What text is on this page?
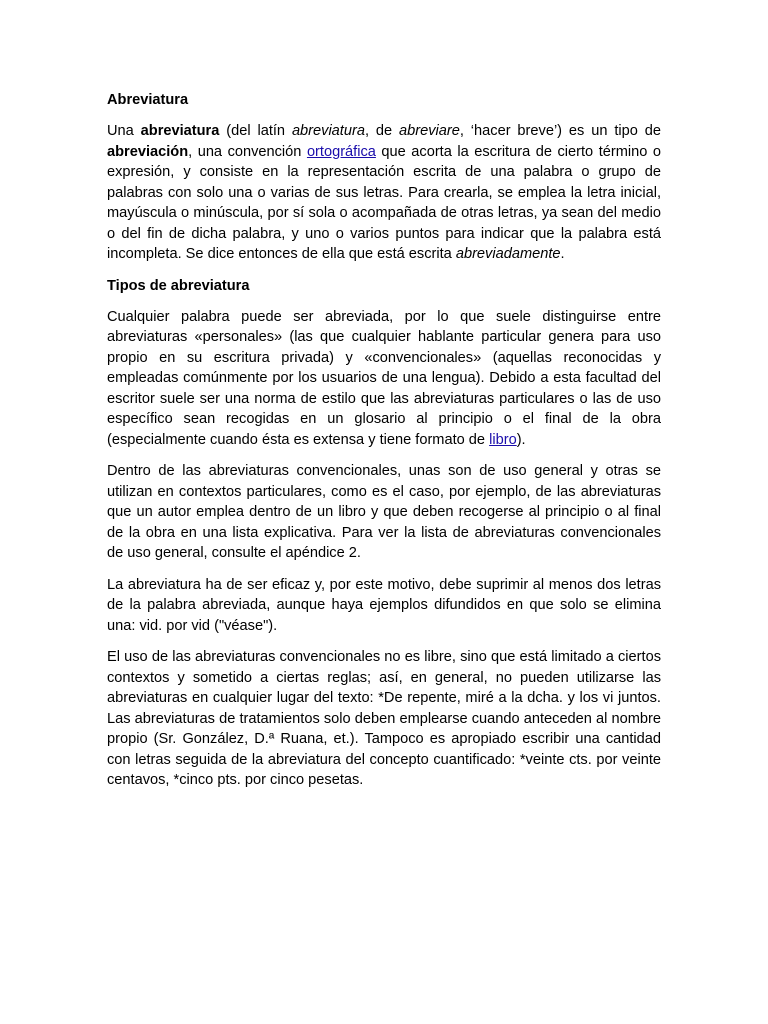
Abreviatura

Una abreviatura (del latín abreviatura, de abreviare, ‘hacer breve’) es un tipo de abreviación, una convención ortográfica que acorta la escritura de cierto término o expresión, y consiste en la representación escrita de una palabra o grupo de palabras con solo una o varias de sus letras. Para crearla, se emplea la letra inicial, mayúscula o minúscula, por sí sola o acompañada de otras letras, ya sean del medio o del fin de dicha palabra, y uno o varios puntos para indicar que la palabra está incompleta. Se dice entonces de ella que está escrita abreviadamente.

Tipos de abreviatura

Cualquier palabra puede ser abreviada, por lo que suele distinguirse entre abreviaturas «personales» (las que cualquier hablante particular genera para uso propio en su escritura privada) y «convencionales» (aquellas reconocidas y empleadas comúnmente por los usuarios de una lengua). Debido a esta facultad del escritor suele ser una norma de estilo que las abreviaturas particulares o las de uso específico sean recogidas en un glosario al principio o el final de la obra (especialmente cuando ésta es extensa y tiene formato de libro).

Dentro de las abreviaturas convencionales, unas son de uso general y otras se utilizan en contextos particulares, como es el caso, por ejemplo, de las abreviaturas que un autor emplea dentro de un libro y que deben recogerse al principio o al final de la obra en una lista explicativa. Para ver la lista de abreviaturas convencionales de uso general, consulte el apéndice 2.

La abreviatura ha de ser eficaz y, por este motivo, debe suprimir al menos dos letras de la palabra abreviada, aunque haya ejemplos difundidos en que solo se elimina una: vid. por vid ("véase").

El uso de las abreviaturas convencionales no es libre, sino que está limitado a ciertos contextos y sometido a ciertas reglas; así, en general, no pueden utilizarse las abreviaturas en cualquier lugar del texto: *De repente, miré a la dcha. y los vi juntos. Las abreviaturas de tratamientos solo deben emplearse cuando anteceden al nombre propio (Sr. González, D.ª Ruana, et.). Tampoco es apropiado escribir una cantidad con letras seguida de la abreviatura del concepto cuantificado: *veinte cts. por veinte centavos, *cinco pts. por cinco pesetas.
